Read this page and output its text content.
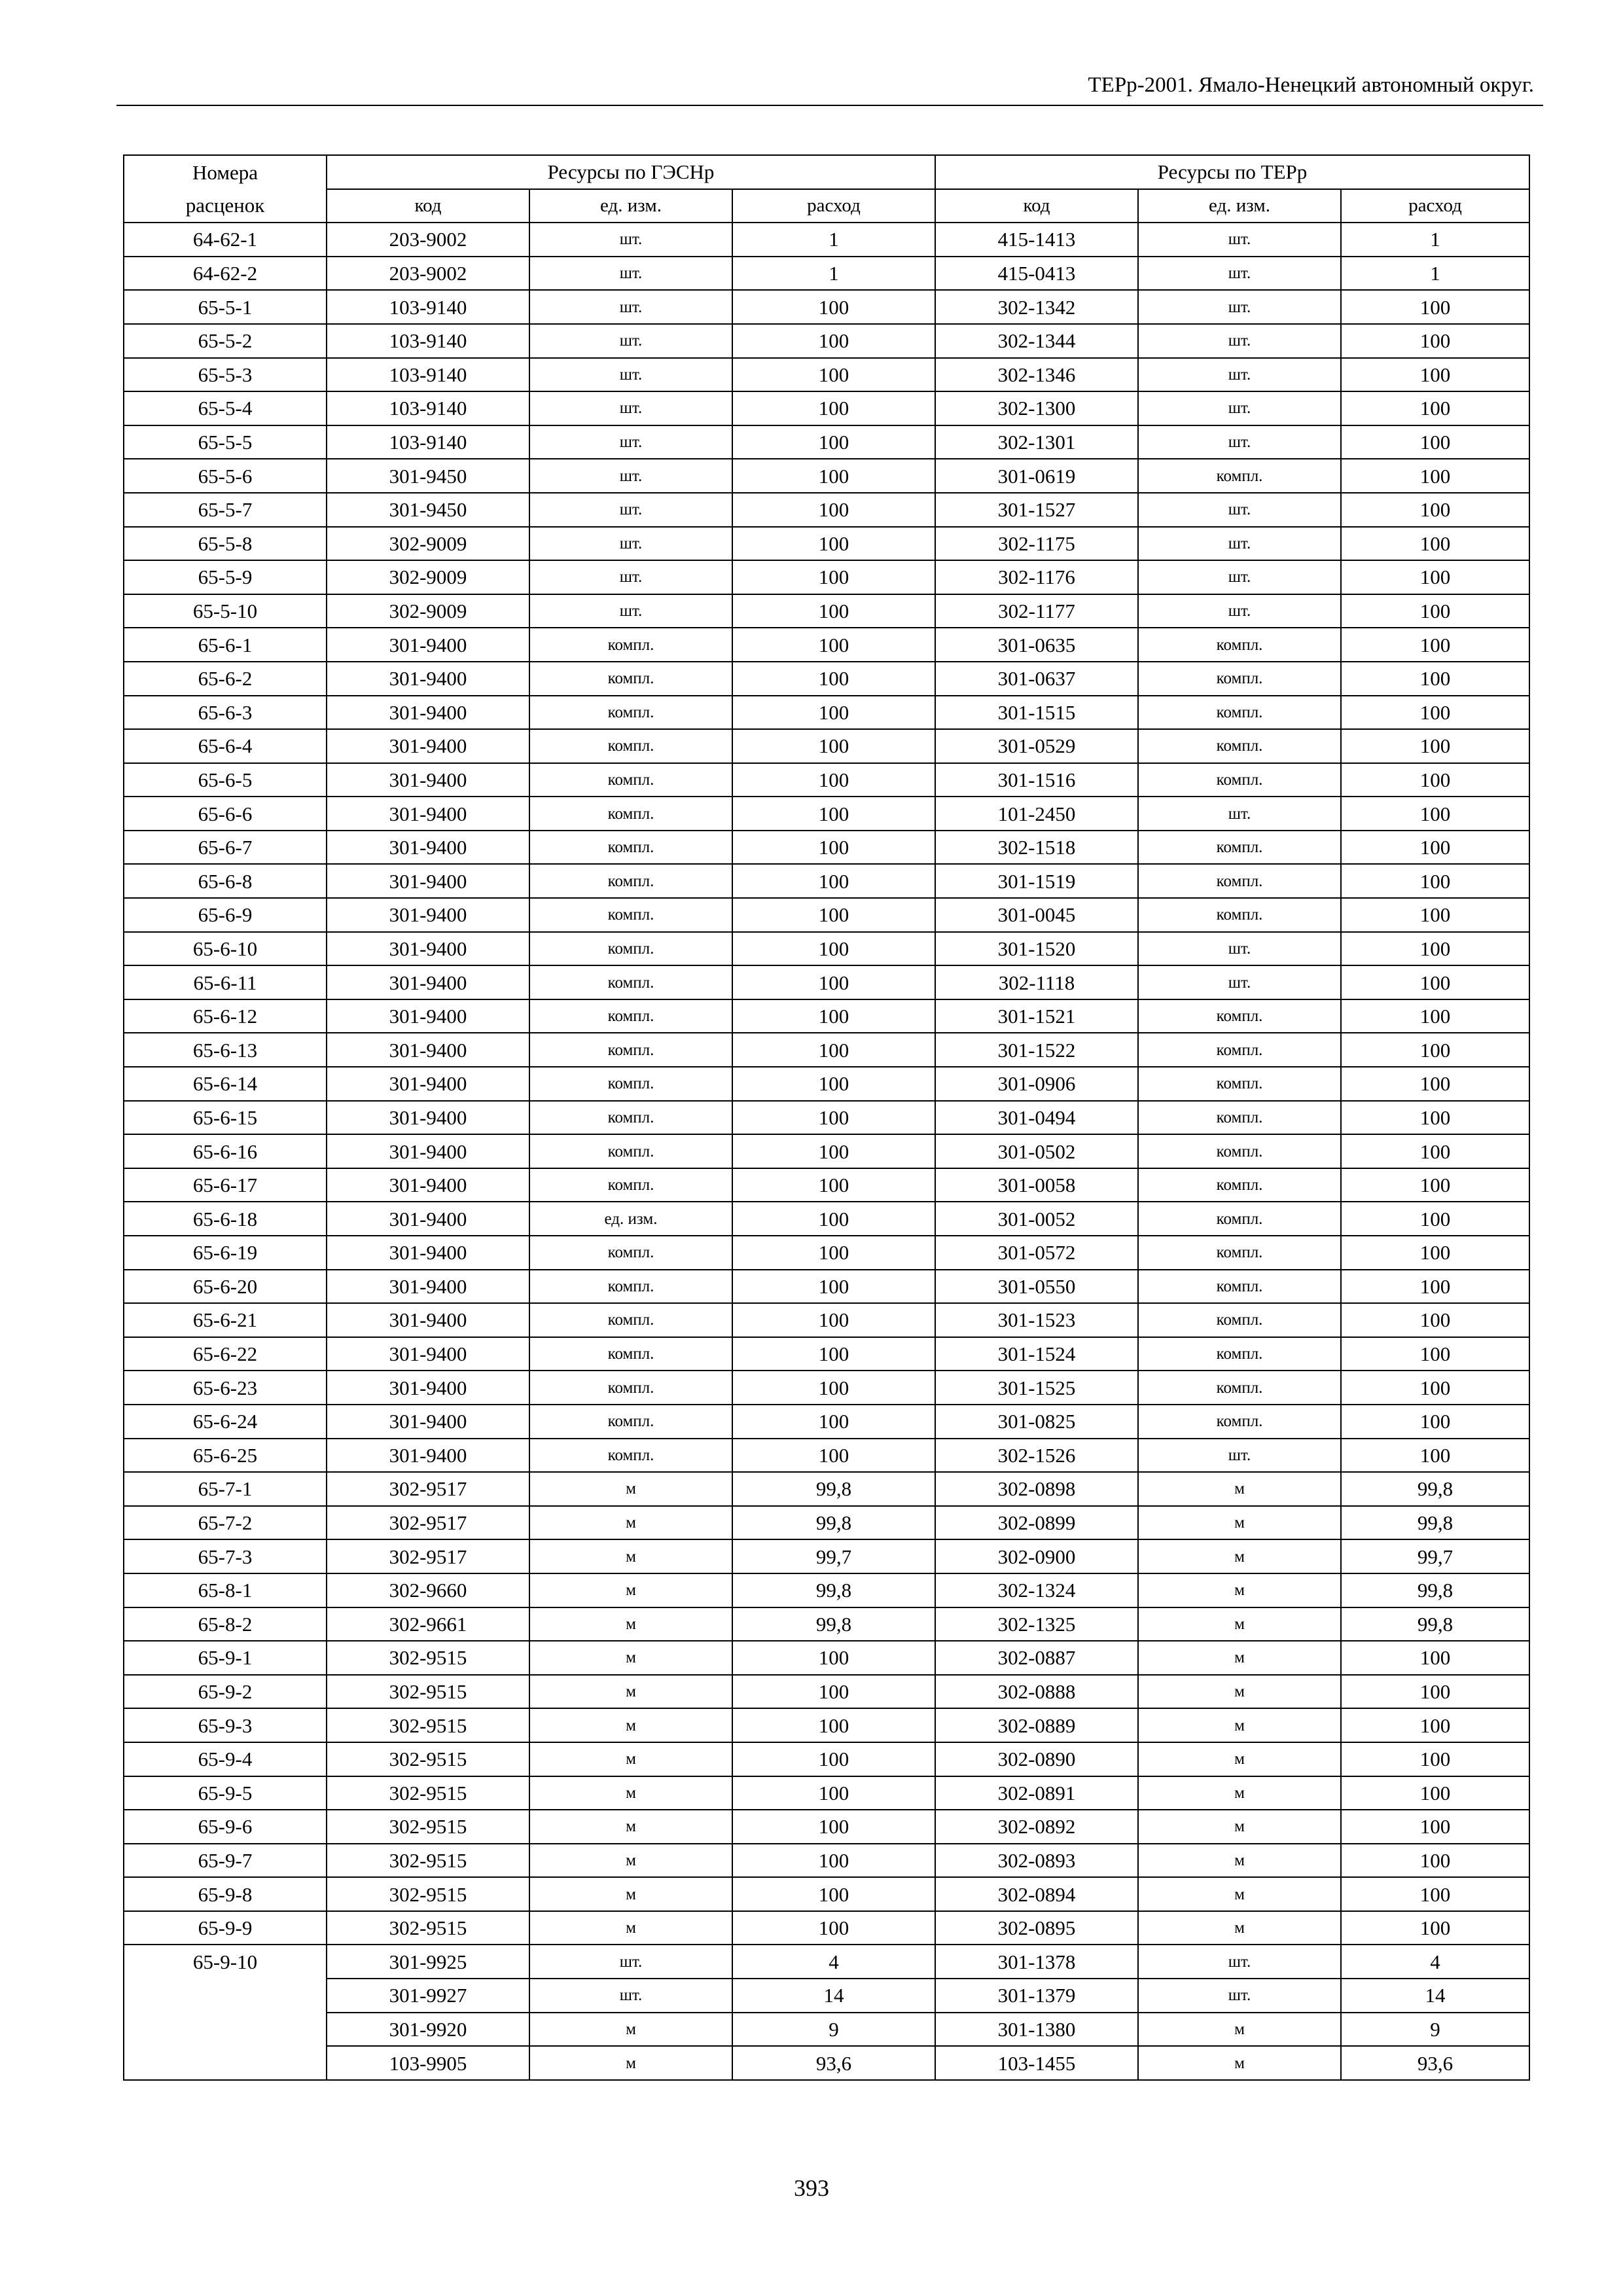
ТЕРр-2001. Ямало-Ненецкий автономный округ.
Номера	Ресурсы по ГЭСНр			Ресурсы по ТЕРр		
расценок	код	ед. изм.	расход	код	ед. изм.	расход
64-62-1	203-9002	шт.	1	415-1413	шт.	1
64-62-2	203-9002	шт.	1	415-0413	шт.	1
65-5-1	103-9140	шт.	100	302-1342	шт.	100
65-5-2	103-9140	шт.	100	302-1344	шт.	100
65-5-3	103-9140	шт.	100	302-1346	шт.	100
65-5-4	103-9140	шт.	100	302-1300	шт.	100
65-5-5	103-9140	шт.	100	302-1301	шт.	100
65-5-6	301-9450	шт.	100	301-0619	компл.	100
65-5-7	301-9450	шт.	100	301-1527	шт.	100
65-5-8	302-9009	шт.	100	302-1175	шт.	100
65-5-9	302-9009	шт.	100	302-1176	шт.	100
65-5-10	302-9009	шт.	100	302-1177	шт.	100
65-6-1	301-9400	компл.	100	301-0635	компл.	100
65-6-2	301-9400	компл.	100	301-0637	компл.	100
65-6-3	301-9400	компл.	100	301-1515	компл.	100
65-6-4	301-9400	компл.	100	301-0529	компл.	100
65-6-5	301-9400	компл.	100	301-1516	компл.	100
65-6-6	301-9400	компл.	100	101-2450	шт.	100
65-6-7	301-9400	компл.	100	302-1518	компл.	100
65-6-8	301-9400	компл.	100	301-1519	компл.	100
65-6-9	301-9400	компл.	100	301-0045	компл.	100
65-6-10	301-9400	компл.	100	301-1520	шт.	100
65-6-11	301-9400	компл.	100	302-1118	шт.	100
65-6-12	301-9400	компл.	100	301-1521	компл.	100
65-6-13	301-9400	компл.	100	301-1522	компл.	100
65-6-14	301-9400	компл.	100	301-0906	компл.	100
65-6-15	301-9400	компл.	100	301-0494	компл.	100
65-6-16	301-9400	компл.	100	301-0502	компл.	100
65-6-17	301-9400	компл.	100	301-0058	компл.	100
65-6-18	301-9400	ед. изм.	100	301-0052	компл.	100
65-6-19	301-9400	компл.	100	301-0572	компл.	100
65-6-20	301-9400	компл.	100	301-0550	компл.	100
65-6-21	301-9400	компл.	100	301-1523	компл.	100
65-6-22	301-9400	компл.	100	301-1524	компл.	100
65-6-23	301-9400	компл.	100	301-1525	компл.	100
65-6-24	301-9400	компл.	100	301-0825	компл.	100
65-6-25	301-9400	компл.	100	302-1526	шт.	100
65-7-1	302-9517	м	99,8	302-0898	м	99,8
65-7-2	302-9517	м	99,8	302-0899	м	99,8
65-7-3	302-9517	м	99,7	302-0900	м	99,7
65-8-1	302-9660	м	99,8	302-1324	м	99,8
65-8-2	302-9661	м	99,8	302-1325	м	99,8
65-9-1	302-9515	м	100	302-0887	м	100
65-9-2	302-9515	м	100	302-0888	м	100
65-9-3	302-9515	м	100	302-0889	м	100
65-9-4	302-9515	м	100	302-0890	м	100
65-9-5	302-9515	м	100	302-0891	м	100
65-9-6	302-9515	м	100	302-0892	м	100
65-9-7	302-9515	м	100	302-0893	м	100
65-9-8	302-9515	м	100	302-0894	м	100
65-9-9	302-9515	м	100	302-0895	м	100
65-9-10	301-9925	шт.	4	301-1378	шт.	4
	301-9927	шт.	14	301-1379	шт.	14
	301-9920	м	9	301-1380	м	9
	103-9905	м	93,6	103-1455	м	93,6
393
